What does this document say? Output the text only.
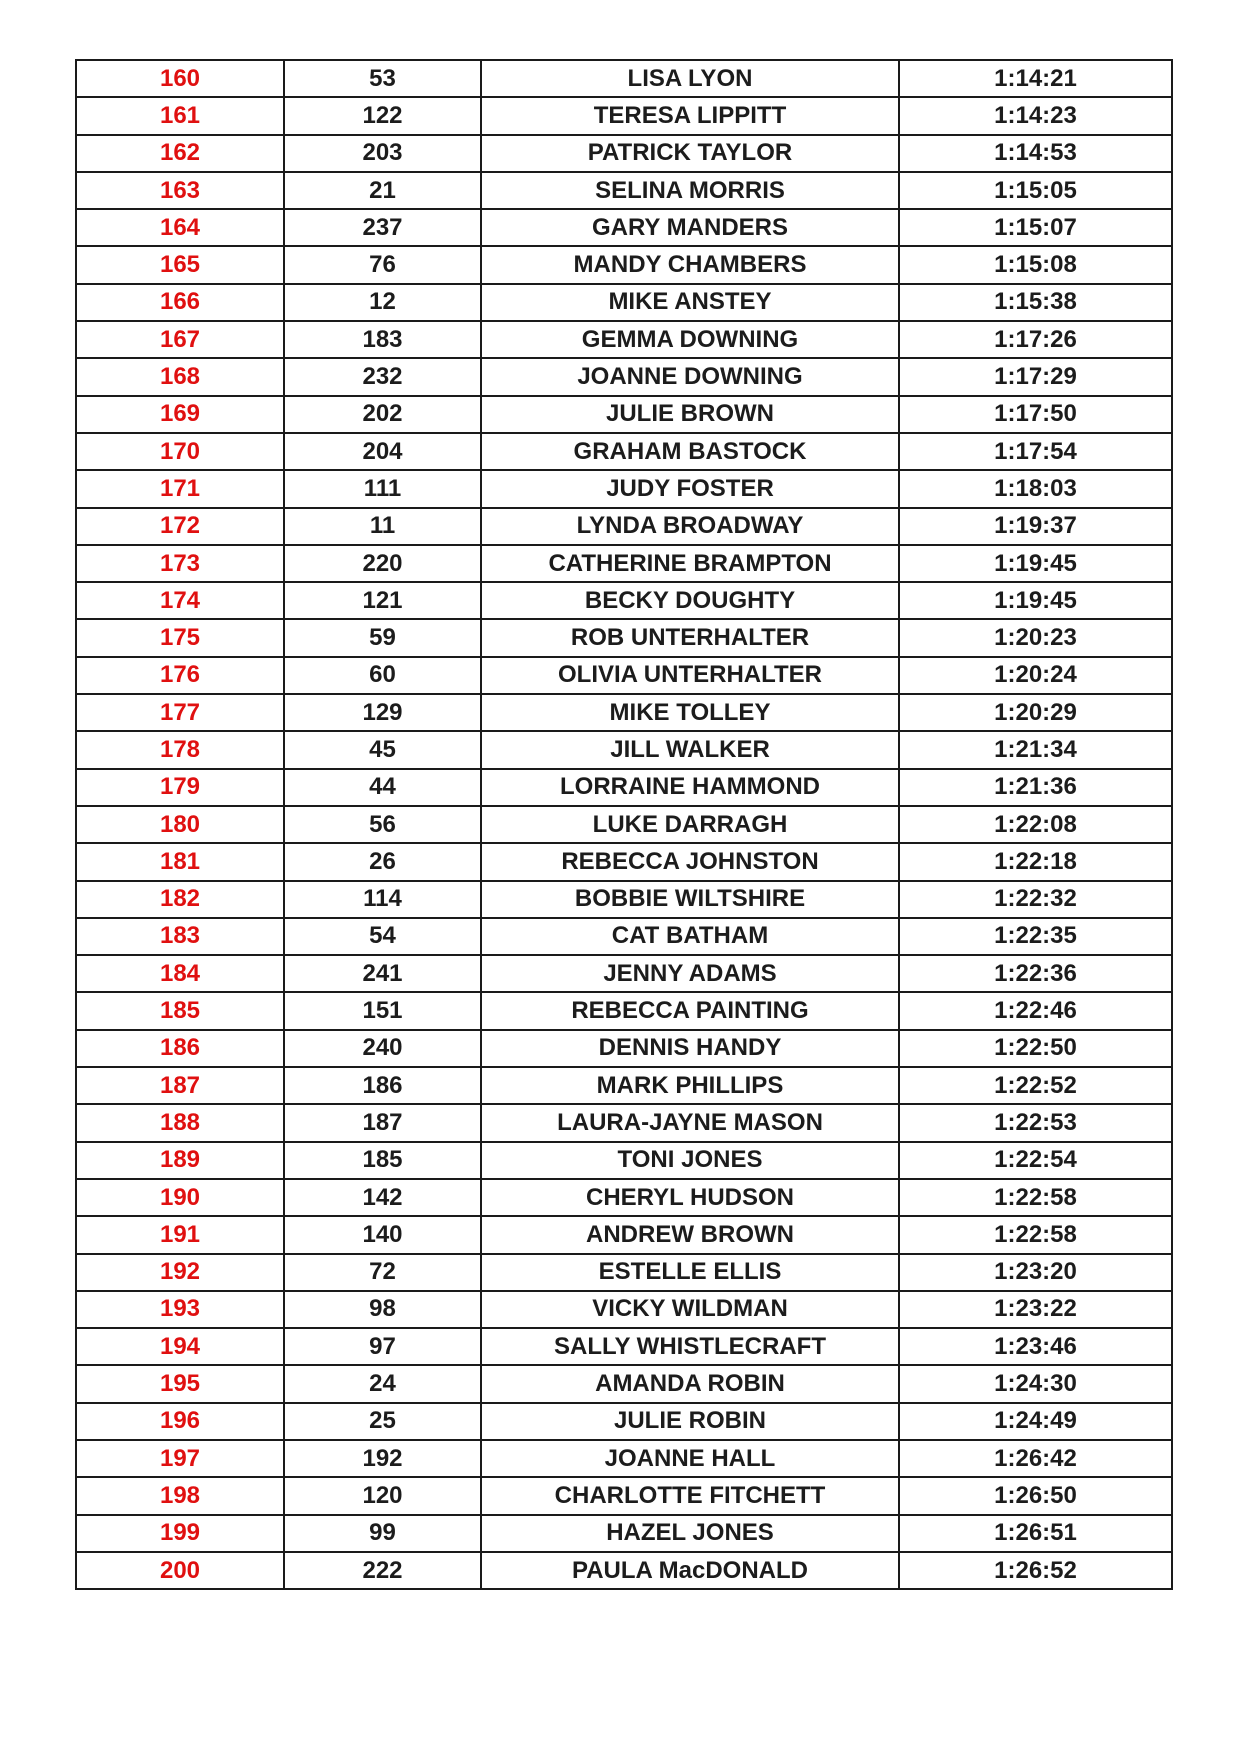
160	53	LISA LYON	1:14:21
161	122	TERESA LIPPITT	1:14:23
162	203	PATRICK TAYLOR	1:14:53
163	21	SELINA MORRIS	1:15:05
164	237	GARY MANDERS	1:15:07
165	76	MANDY CHAMBERS	1:15:08
166	12	MIKE ANSTEY	1:15:38
167	183	GEMMA DOWNING	1:17:26
168	232	JOANNE DOWNING	1:17:29
169	202	JULIE BROWN	1:17:50
170	204	GRAHAM BASTOCK	1:17:54
171	111	JUDY FOSTER	1:18:03
172	11	LYNDA BROADWAY	1:19:37
173	220	CATHERINE BRAMPTON	1:19:45
174	121	BECKY DOUGHTY	1:19:45
175	59	ROB UNTERHALTER	1:20:23
176	60	OLIVIA UNTERHALTER	1:20:24
177	129	MIKE TOLLEY	1:20:29
178	45	JILL WALKER	1:21:34
179	44	LORRAINE HAMMOND	1:21:36
180	56	LUKE DARRAGH	1:22:08
181	26	REBECCA JOHNSTON	1:22:18
182	114	BOBBIE WILTSHIRE	1:22:32
183	54	CAT BATHAM	1:22:35
184	241	JENNY ADAMS	1:22:36
185	151	REBECCA PAINTING	1:22:46
186	240	DENNIS HANDY	1:22:50
187	186	MARK PHILLIPS	1:22:52
188	187	LAURA-JAYNE MASON	1:22:53
189	185	TONI JONES	1:22:54
190	142	CHERYL HUDSON	1:22:58
191	140	ANDREW BROWN	1:22:58
192	72	ESTELLE ELLIS	1:23:20
193	98	VICKY WILDMAN	1:23:22
194	97	SALLY WHISTLECRAFT	1:23:46
195	24	AMANDA ROBIN	1:24:30
196	25	JULIE ROBIN	1:24:49
197	192	JOANNE HALL	1:26:42
198	120	CHARLOTTE FITCHETT	1:26:50
199	99	HAZEL JONES	1:26:51
200	222	PAULA MacDONALD	1:26:52
